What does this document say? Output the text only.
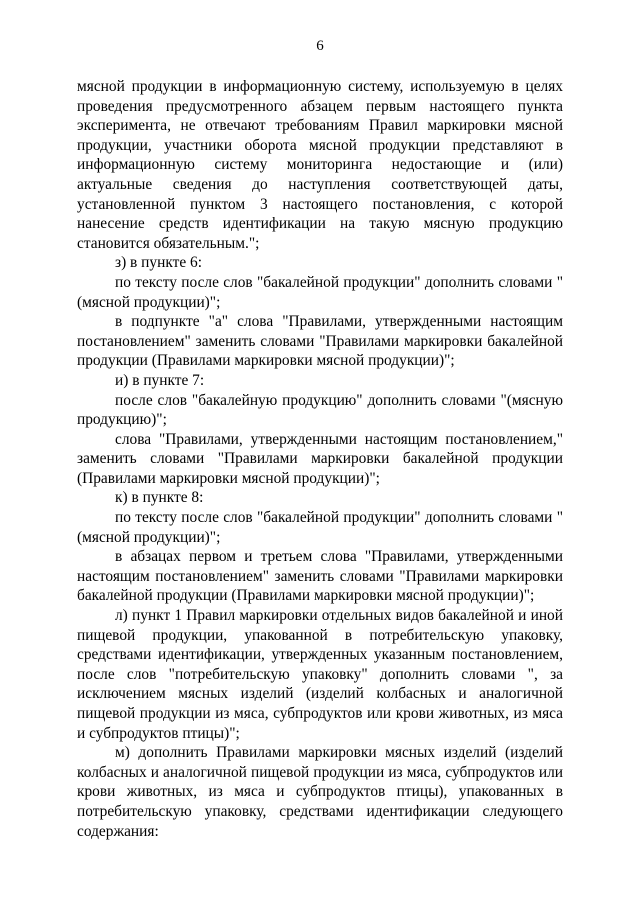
6

мясной продукции в информационную систему, используемую в целях проведения предусмотренного абзацем первым настоящего пункта эксперимента, не отвечают требованиям Правил маркировки мясной продукции, участники оборота мясной продукции представляют в информационную систему мониторинга недостающие и (или) актуальные сведения до наступления соответствующей даты, установленной пунктом 3 настоящего постановления, с которой нанесение средств идентификации на такую мясную продукцию становится обязательным.";

з) в пункте 6:

по тексту после слов "бакалейной продукции" дополнить словами "(мясной продукции)";

в подпункте "а" слова "Правилами, утвержденными настоящим постановлением" заменить словами "Правилами маркировки бакалейной продукции (Правилами маркировки мясной продукции)";

и) в пункте 7:

после слов "бакалейную продукцию" дополнить словами "(мясную продукцию)";

слова "Правилами, утвержденными настоящим постановлением," заменить словами "Правилами маркировки бакалейной продукции (Правилами маркировки мясной продукции)";

к) в пункте 8:

по тексту после слов "бакалейной продукции" дополнить словами "(мясной продукции)";

в абзацах первом и третьем слова "Правилами, утвержденными настоящим постановлением" заменить словами "Правилами маркировки бакалейной продукции (Правилами маркировки мясной продукции)";

л) пункт 1 Правил маркировки отдельных видов бакалейной и иной пищевой продукции, упакованной в потребительскую упаковку, средствами идентификации, утвержденных указанным постановлением, после слов "потребительскую упаковку" дополнить словами ", за исключением мясных изделий (изделий колбасных и аналогичной пищевой продукции из мяса, субпродуктов или крови животных, из мяса и субпродуктов птицы)";

м) дополнить Правилами маркировки мясных изделий (изделий колбасных и аналогичной пищевой продукции из мяса, субпродуктов или крови животных, из мяса и субпродуктов птицы), упакованных в потребительскую упаковку, средствами идентификации следующего содержания:
